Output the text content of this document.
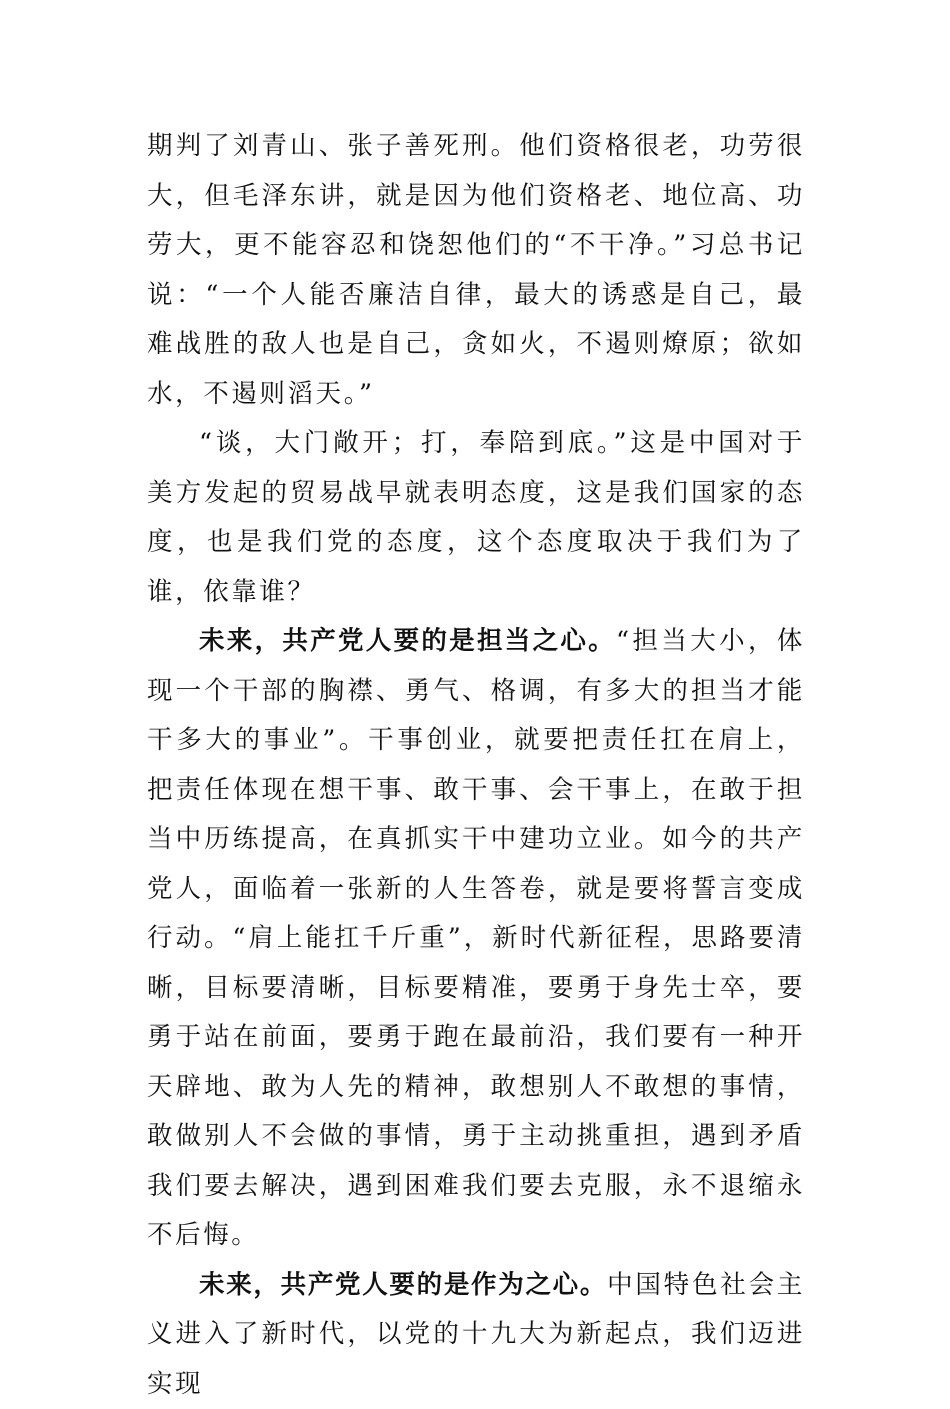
期判了刘青山、张子善死刑。他们资格很老，功劳很大，但毛泽东讲，就是因为他们资格老、地位高、功劳大，更不能容忍和饶恕他们的“不干净。”习总书记说：“一个人能否廉洁自律，最大的诱惑是自己，最难战胜的敌人也是自己，贪如火，不遏则燎原；欲如水，不遏则滔天。”

“谈，大门敞开；打，奉陪到底。”这是中国对于美方发起的贸易战早就表明态度，这是我们国家的态度，也是我们党的态度，这个态度取决于我们为了谁，依靠谁？

未来，共产党人要的是担当之心。“担当大小，体现一个干部的胸襟、勇气、格调，有多大的担当才能干多大的事业”。干事创业，就要把责任扛在肩上，把责任体现在想干事、敢干事、会干事上，在敢于担当中历练提高，在真抓实干中建功立业。如今的共产党人，面临着一张新的人生答卷，就是要将誓言变成行动。“肩上能扛千斤重”，新时代新征程，思路要清晰，目标要清晰，目标要精准，要勇于身先士卒，要勇于站在前面，要勇于跑在最前沿，我们要有一种开天辟地、敢为人先的精神，敢想别人不敢想的事情，敢做别人不会做的事情，勇于主动挑重担，遇到矛盾我们要去解决，遇到困难我们要去克服，永不退缩永不后悔。

未来，共产党人要的是作为之心。中国特色社会主义进入了新时代，以党的十九大为新起点，我们迈进实现
